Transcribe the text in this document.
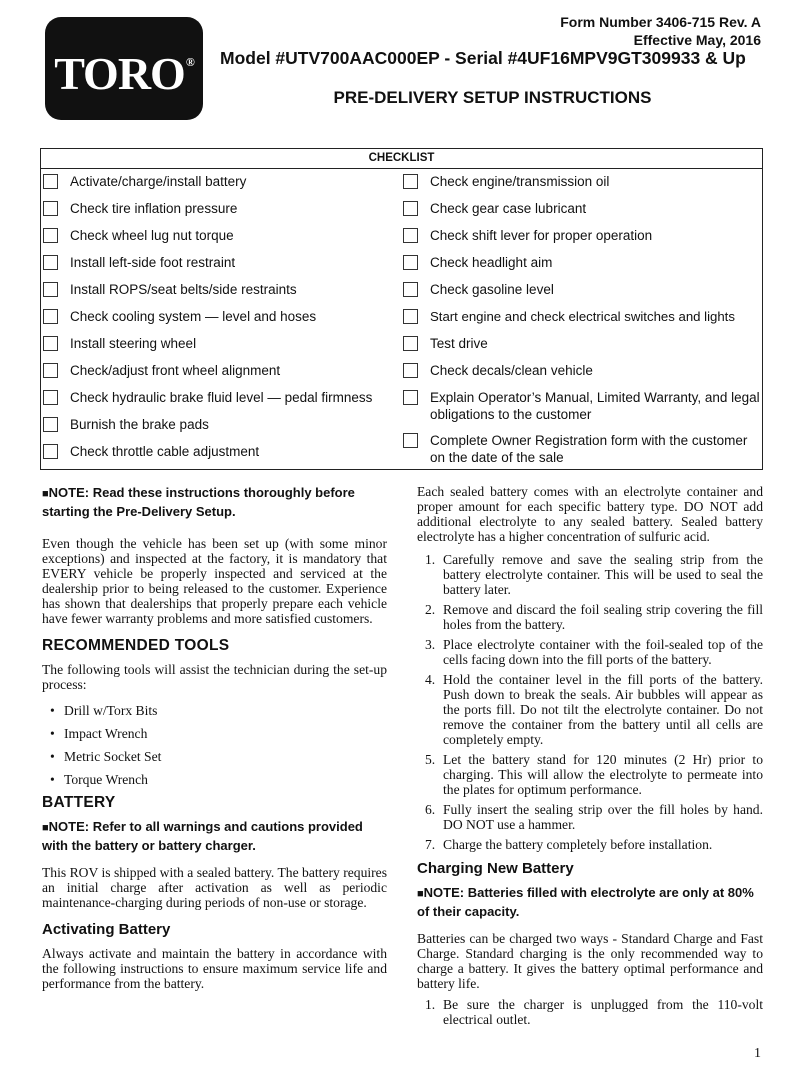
TORO®
Form Number 3406-715 Rev. A
Effective May, 2016
Model #UTV700AAC000EP - Serial #4UF16MPV9GT309933 & Up
PRE-DELIVERY SETUP INSTRUCTIONS
CHECKLIST
Activate/charge/install battery
Check tire inflation pressure
Check wheel lug nut torque
Install left-side foot restraint
Install ROPS/seat belts/side restraints
Check cooling system — level and hoses
Install steering wheel
Check/adjust front wheel alignment
Check hydraulic brake fluid level — pedal firmness
Burnish the brake pads
Check throttle cable adjustment
Check engine/transmission oil
Check gear case lubricant
Check shift lever for proper operation
Check headlight aim
Check gasoline level
Start engine and check electrical switches and lights
Test drive
Check decals/clean vehicle
Explain Operator’s Manual, Limited Warranty, and legal obligations to the customer
Complete Owner Registration form with the customer on the date of the sale
■NOTE: Read these instructions thoroughly before starting the Pre-Delivery Setup.
Even though the vehicle has been set up (with some minor exceptions) and inspected at the factory, it is mandatory that EVERY vehicle be properly inspected and serviced at the dealership prior to being released to the customer. Experience has shown that dealerships that properly prepare each vehicle have fewer warranty problems and more satisfied customers.
RECOMMENDED TOOLS
The following tools will assist the technician during the set-up process:
• Drill w/Torx Bits
• Impact Wrench
• Metric Socket Set
• Torque Wrench
BATTERY
■NOTE: Refer to all warnings and cautions provided with the battery or battery charger.
This ROV is shipped with a sealed battery. The battery requires an initial charge after activation as well as periodic maintenance-charging during periods of non-use or storage.
Activating Battery
Always activate and maintain the battery in accordance with the following instructions to ensure maximum service life and performance from the battery.
Each sealed battery comes with an electrolyte container and proper amount for each specific battery type. DO NOT add additional electrolyte to any sealed battery. Sealed battery electrolyte has a higher concentration of sulfuric acid.
1. Carefully remove and save the sealing strip from the battery electrolyte container. This will be used to seal the battery later.
2. Remove and discard the foil sealing strip covering the fill holes from the battery.
3. Place electrolyte container with the foil-sealed top of the cells facing down into the fill ports of the battery.
4. Hold the container level in the fill ports of the battery. Push down to break the seals. Air bubbles will appear as the ports fill. Do not tilt the electrolyte container. Do not remove the container from the battery until all cells are completely empty.
5. Let the battery stand for 120 minutes (2 Hr) prior to charging. This will allow the electrolyte to permeate into the plates for optimum performance.
6. Fully insert the sealing strip over the fill holes by hand. DO NOT use a hammer.
7. Charge the battery completely before installation.
Charging New Battery
■NOTE: Batteries filled with electrolyte are only at 80% of their capacity.
Batteries can be charged two ways - Standard Charge and Fast Charge. Standard charging is the only recommended way to charge a battery. It gives the battery optimal performance and battery life.
1. Be sure the charger is unplugged from the 110-volt electrical outlet.
1
